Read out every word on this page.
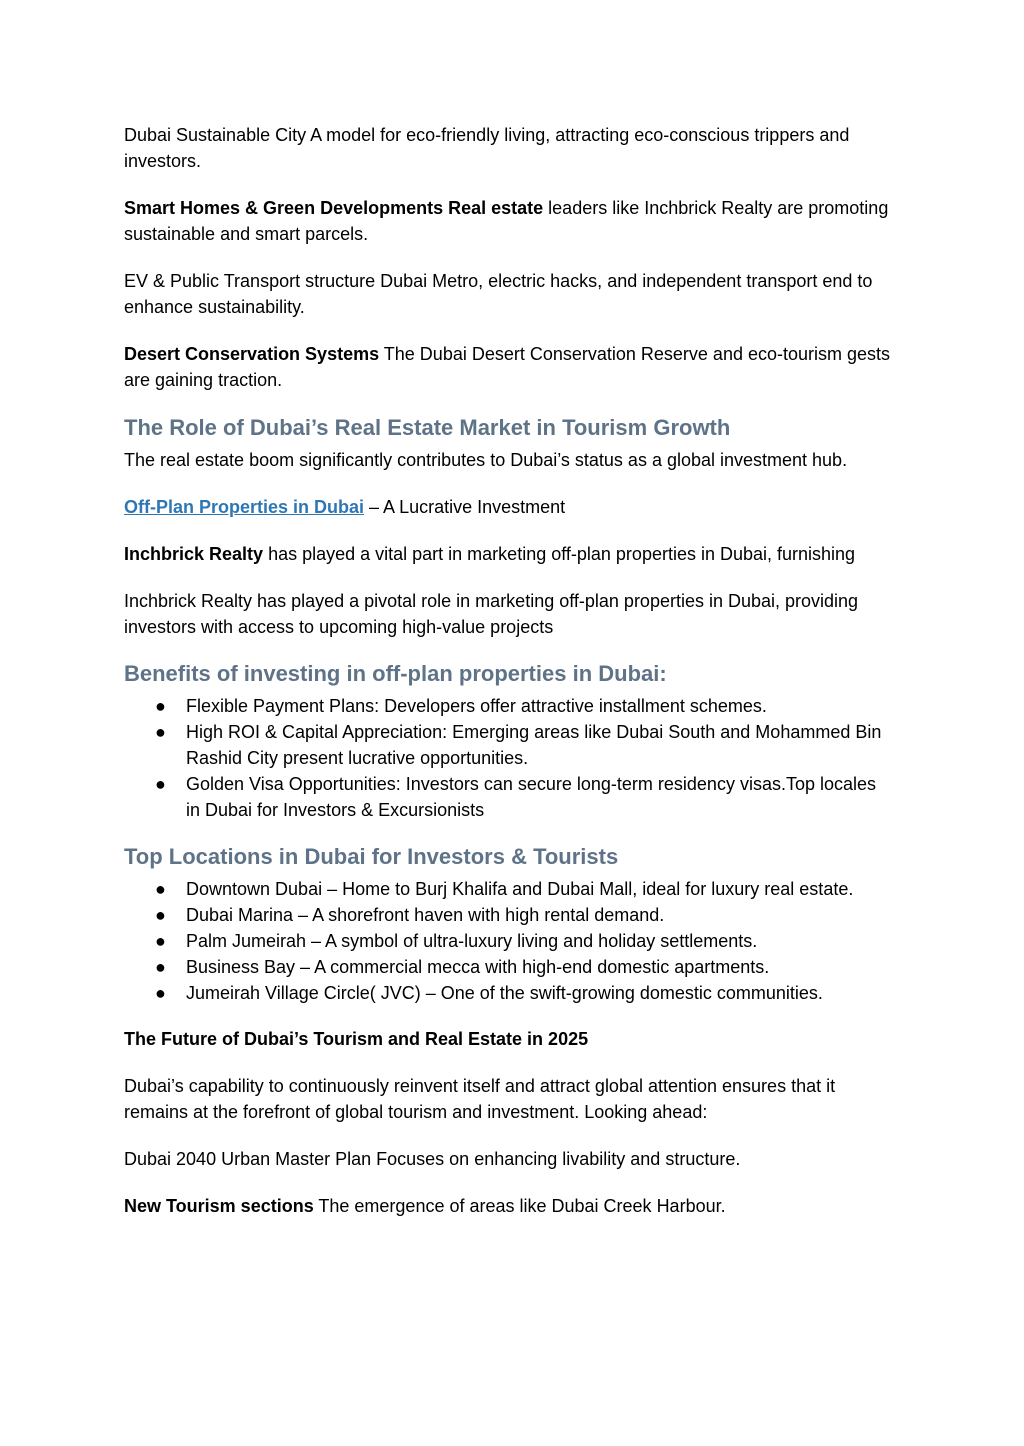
Dubai Sustainable City A model for eco-friendly living, attracting eco-conscious trippers and investors.

Smart Homes & Green Developments Real estate leaders like Inchbrick Realty are promoting sustainable and smart parcels.

EV & Public Transport structure Dubai Metro, electric hacks, and independent transport end to enhance sustainability.

Desert Conservation Systems The Dubai Desert Conservation Reserve and eco-tourism gests are gaining traction.

The Role of Dubai’s Real Estate Market in Tourism Growth

The real estate boom significantly contributes to Dubai’s status as a global investment hub.

Off-Plan Properties in Dubai – A Lucrative Investment

Inchbrick Realty has played a vital part in marketing off-plan properties in Dubai, furnishing

Inchbrick Realty has played a pivotal role in marketing off-plan properties in Dubai, providing investors with access to upcoming high-value projects

Benefits of investing in off-plan properties in Dubai:
● Flexible Payment Plans: Developers offer attractive installment schemes.
● High ROI & Capital Appreciation: Emerging areas like Dubai South and Mohammed Bin Rashid City present lucrative opportunities.
● Golden Visa Opportunities: Investors can secure long-term residency visas.Top locales in Dubai for Investors & Excursionists
Top Locations in Dubai for Investors & Tourists
● Downtown Dubai – Home to Burj Khalifa and Dubai Mall, ideal for luxury real estate.
● Dubai Marina – A shorefront haven with high rental demand.
● Palm Jumeirah – A symbol of ultra-luxury living and holiday settlements.
● Business Bay – A commercial mecca with high-end domestic apartments.
● Jumeirah Village Circle( JVC) – One of the swift-growing domestic communities.

The Future of Dubai’s Tourism and Real Estate in 2025

Dubai’s capability to continuously reinvent itself and attract global attention ensures that it remains at the forefront of global tourism and investment. Looking ahead:

Dubai 2040 Urban Master Plan Focuses on enhancing livability and structure.

New Tourism sections The emergence of areas like Dubai Creek Harbour.
